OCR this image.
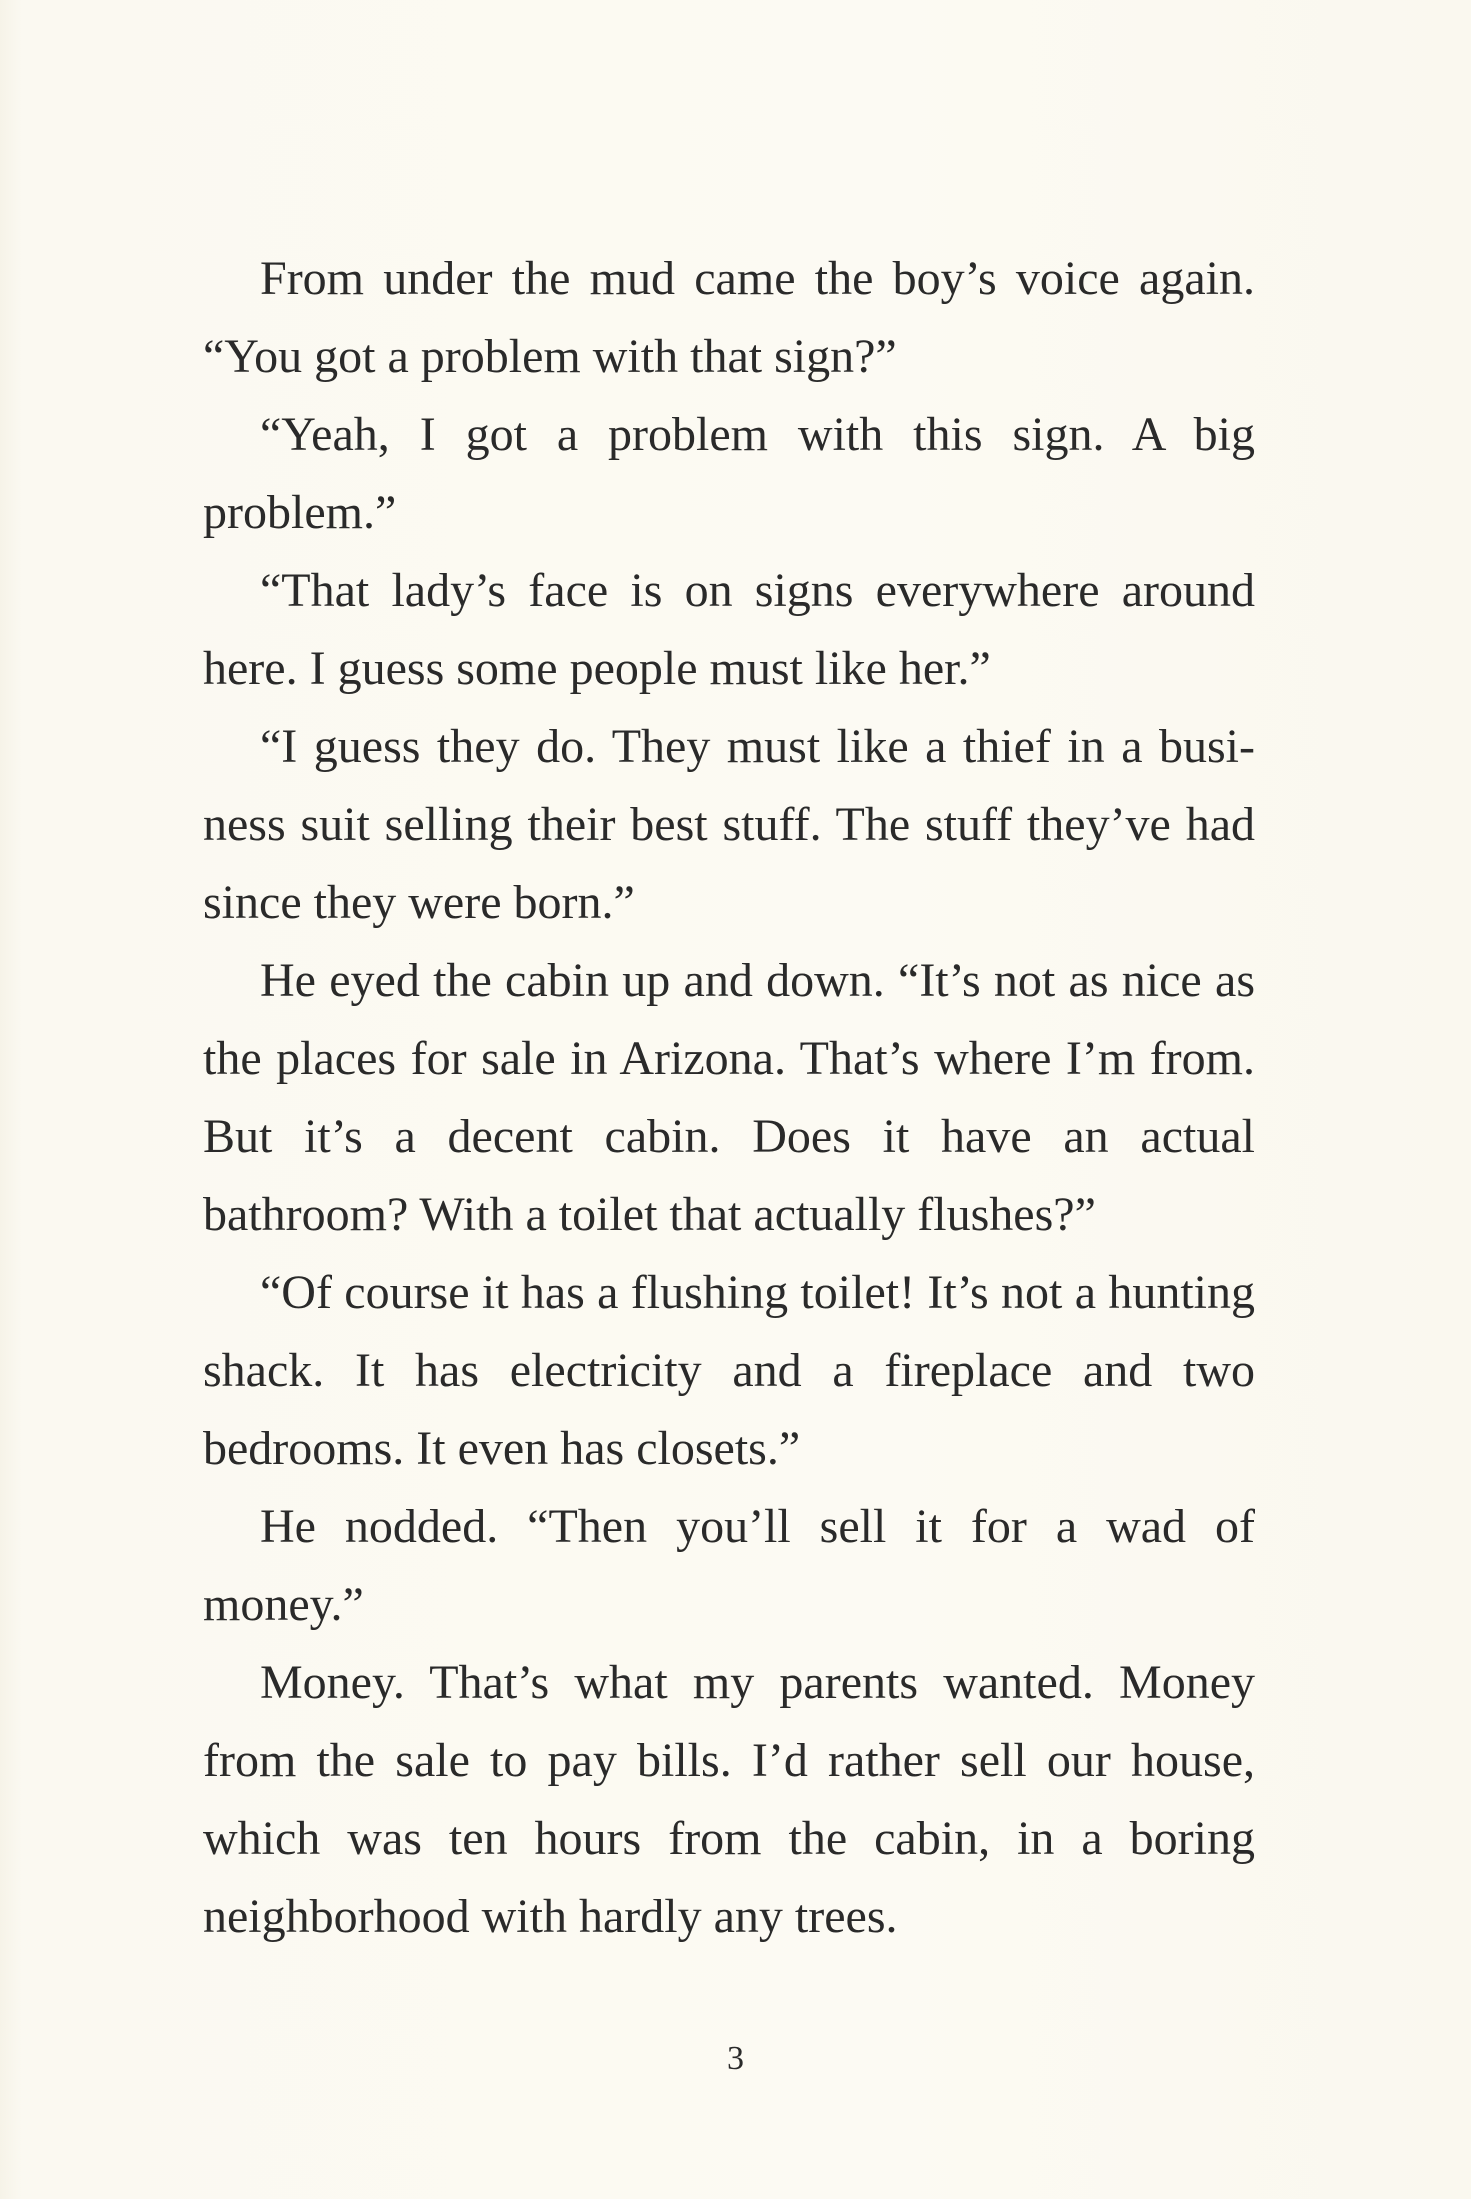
From under the mud came the boy’s voice again. “You got a problem with that sign?”

“Yeah, I got a problem with this sign. A big problem.”

“That lady’s face is on signs everywhere around here. I guess some people must like her.”

“I guess they do. They must like a thief in a business suit selling their best stuff. The stuff they’ve had since they were born.”

He eyed the cabin up and down. “It’s not as nice as the places for sale in Arizona. That’s where I’m from. But it’s a decent cabin. Does it have an actual bathroom? With a toilet that actually flushes?”

“Of course it has a flushing toilet! It’s not a hunting shack. It has electricity and a fireplace and two bedrooms. It even has closets.”

He nodded. “Then you’ll sell it for a wad of money.”

Money. That’s what my parents wanted. Money from the sale to pay bills. I’d rather sell our house, which was ten hours from the cabin, in a boring neighborhood with hardly any trees.

3
